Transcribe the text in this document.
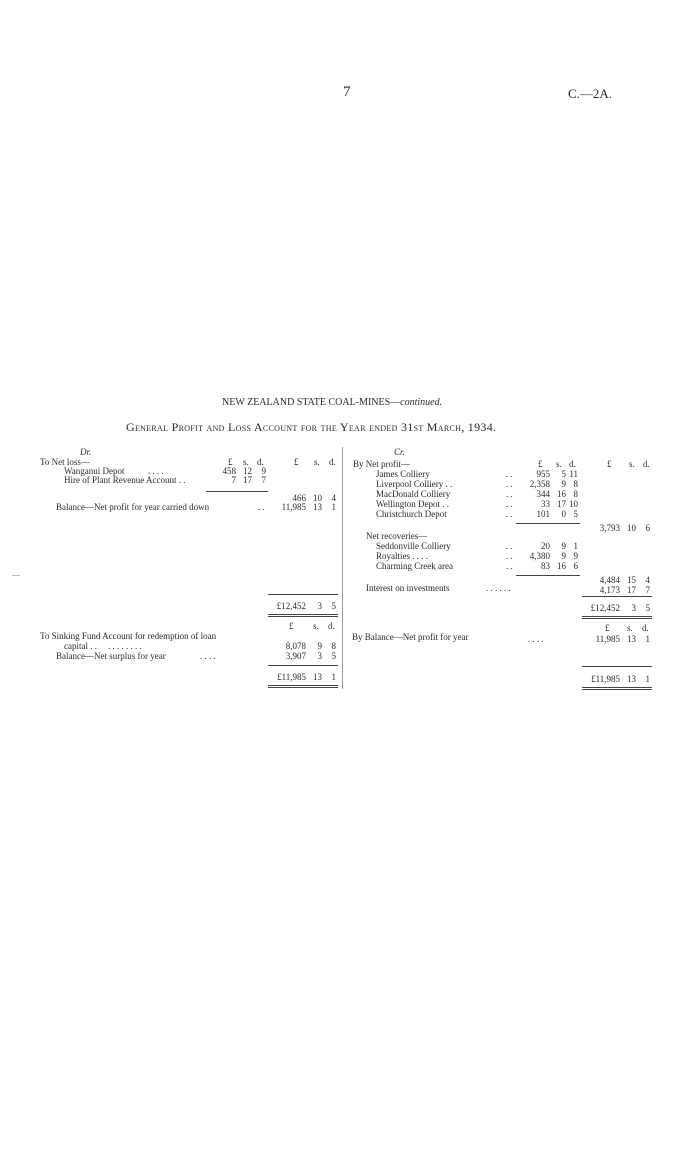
7	C.—2A.
NEW ZEALAND STATE COAL-MINES—continued.
General Profit and Loss Account for the Year ended 31st March, 1934.
Dr.
£ s. d.	£ s. d.
To Net loss—
Wanganui Depot	. . . .	458 12	9
Hire of Plant Revenue Account . .	7 17	7
466 10	4
Balance—Net profit for year carried down	. .	11,985 13	1
£12,452	3	5
£ s. d.
To Sinking Fund Account for redemption of loan
capital . . . . . . . . . .	8,078	9	8
Balance—Net surplus for year	. . . .	3,907	3	5
£11,985 13	1
Cr.
By Net profit—	£ s. d.	£ s. d.
James Colliery	. .	955	5 11
Liverpool Colliery . .	. .	2,358	9 8
MacDonald Colliery	. .	344 16 8
Wellington Depot . .	. .	33 17 10
Christchurch Depot	. .	101	0 5
3,793 10	6
Net recoveries—
Seddonville Colliery	. .	20	9 1
Royalties . . . .	. .	4,380	9 9
Charming Creek area	. .	83 16 6
4,484 15	4
Interest on investments	. . . . . .	4,173 17	7
£12,452	3	5
£ s. d.
By Balance—Net profit for year	. . . .	11,985 13	1
£11,985 13	1
